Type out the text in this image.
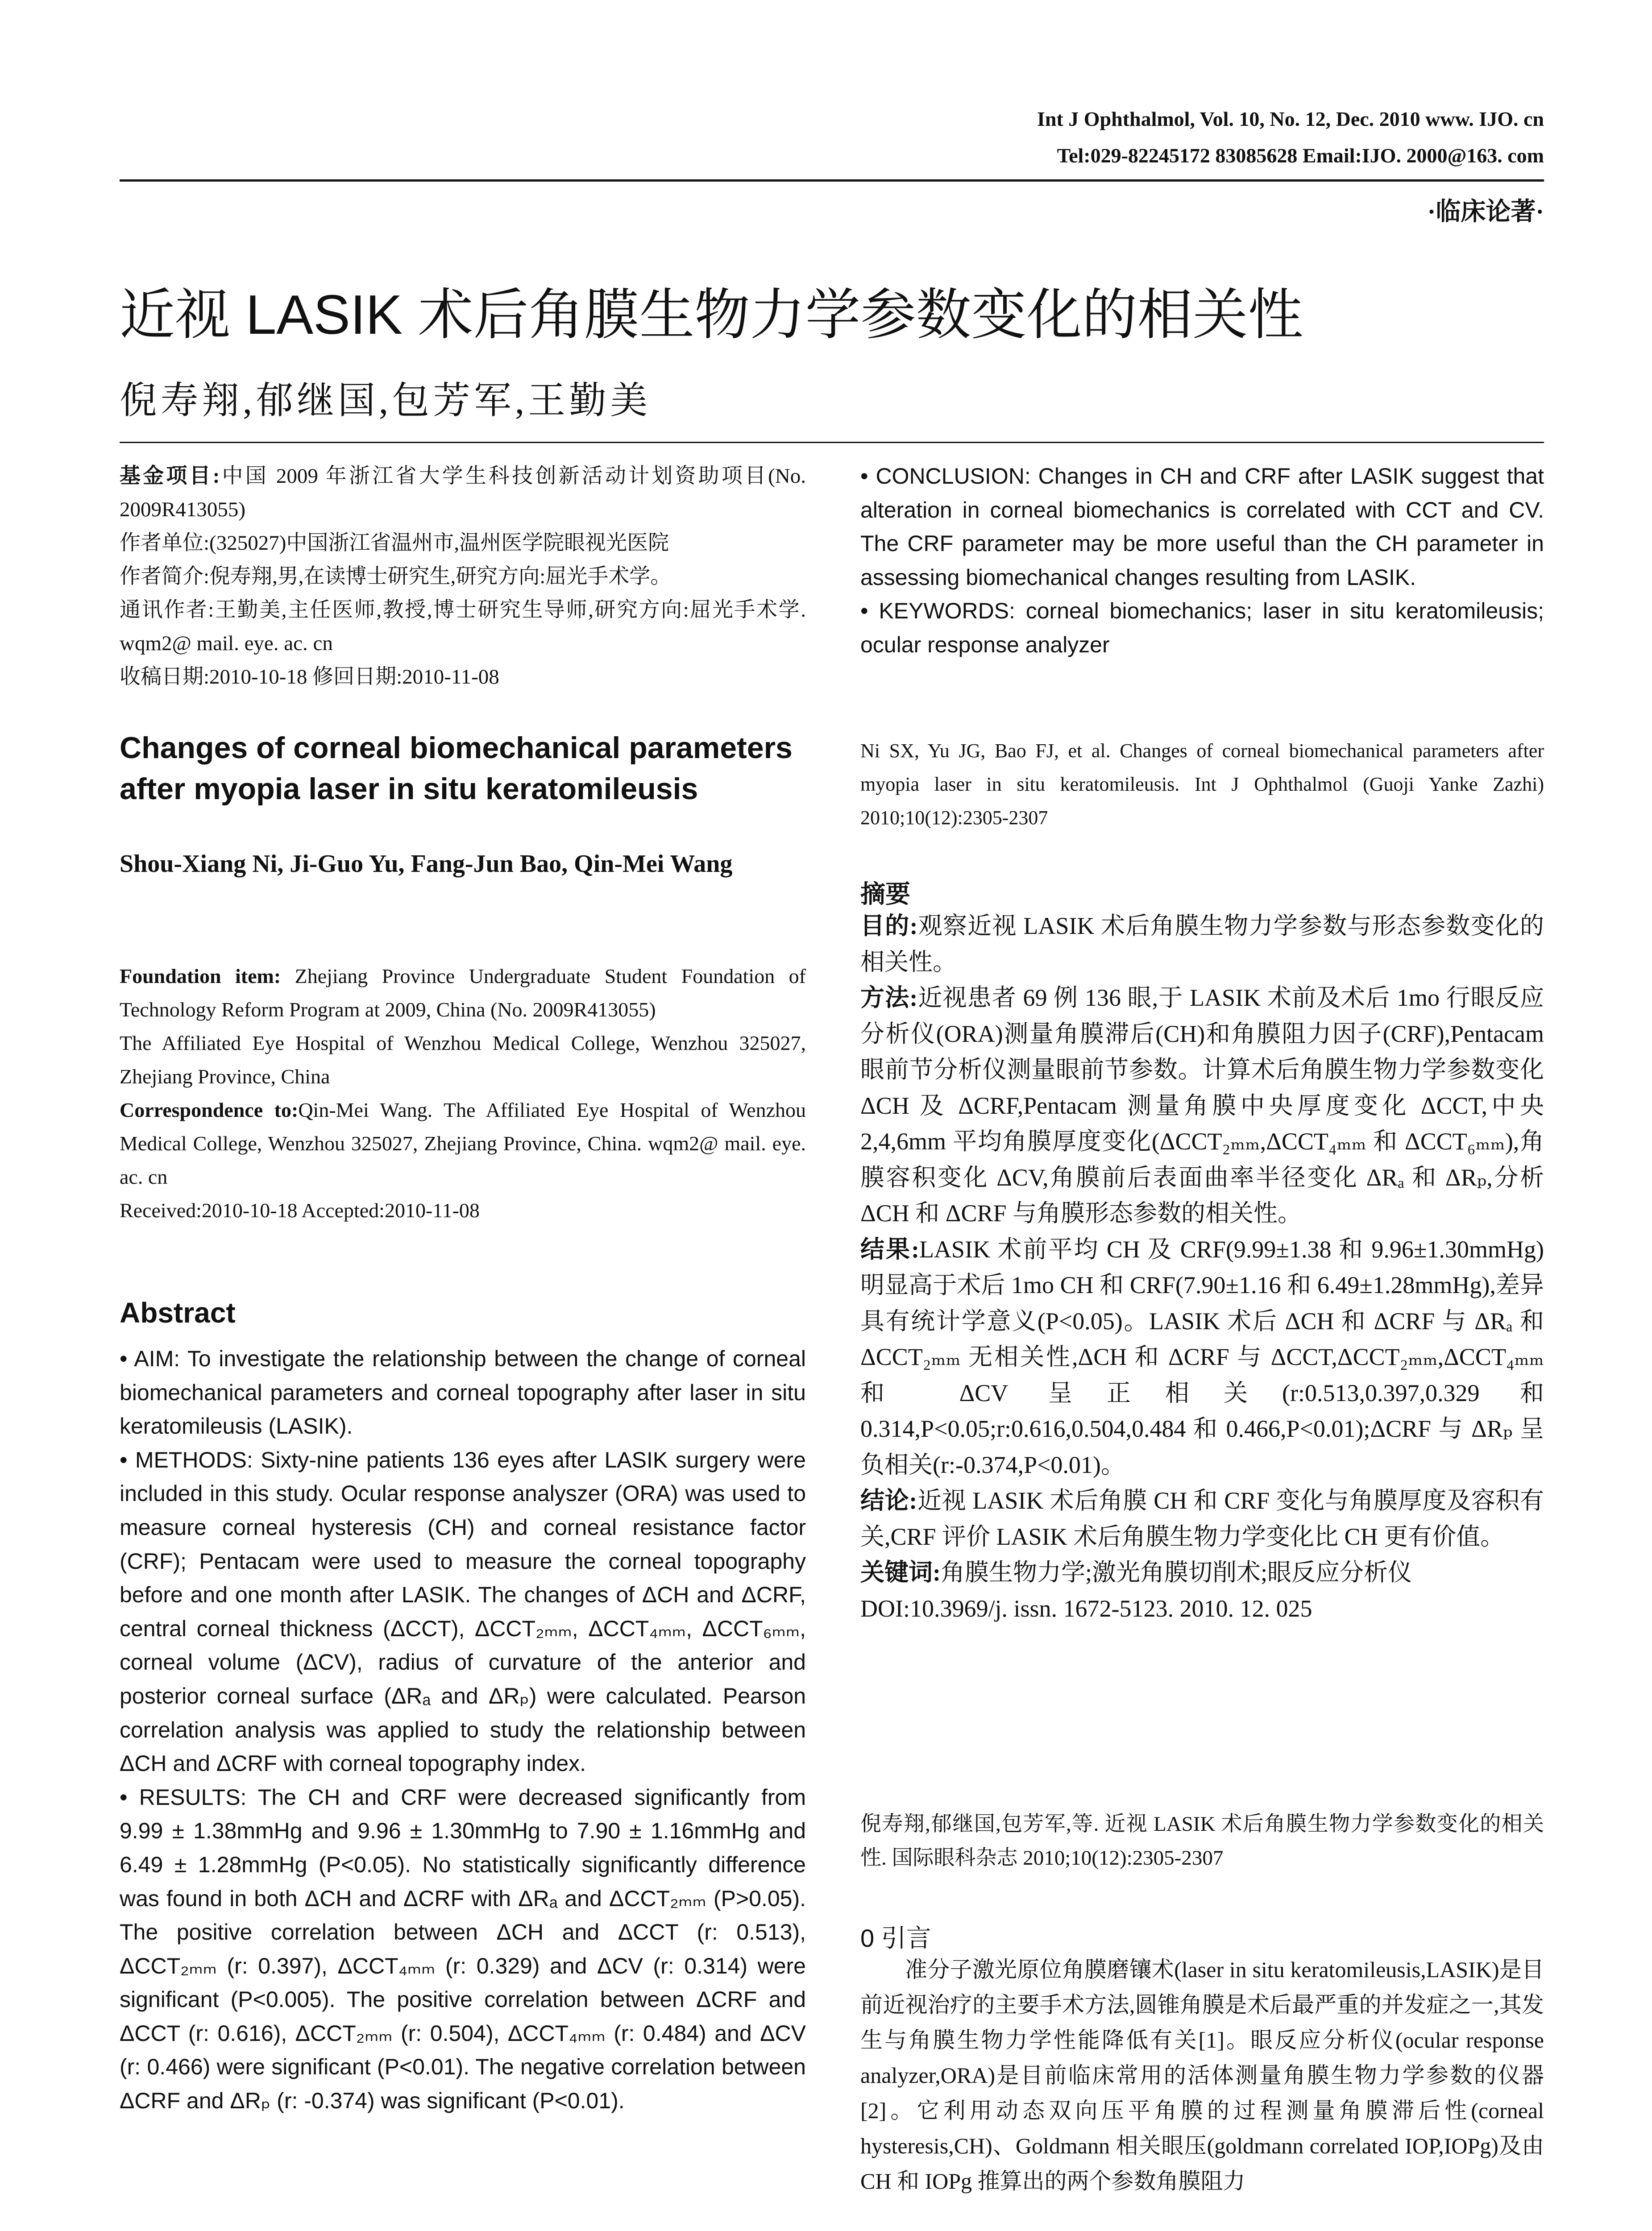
Int J Ophthalmol, Vol. 10, No. 12, Dec. 2010 www. IJO. cn
Tel:029-82245172 83085628 Email:IJO. 2000@163. com
·临床论著·
近视 LASIK 术后角膜生物力学参数变化的相关性
倪寿翔,郁继国,包芳军,王勤美

基金项目:中国 2009 年浙江省大学生科技创新活动计划资助项目(No. 2009R413055)

作者单位:(325027)中国浙江省温州市,温州医学院眼视光医院

作者简介:倪寿翔,男,在读博士研究生,研究方向:屈光手术学。

通讯作者:王勤美,主任医师,教授,博士研究生导师,研究方向:屈光手术学. wqm2@ mail. eye. ac. cn

收稿日期:2010-10-18 修回日期:2010-11-08

Changes of corneal biomechanical parameters after myopia laser in situ keratomileusis
Shou-Xiang Ni, Ji-Guo Yu, Fang-Jun Bao, Qin-Mei Wang

Foundation item: Zhejiang Province Undergraduate Student Foundation of Technology Reform Program at 2009, China (No. 2009R413055)

The Affiliated Eye Hospital of Wenzhou Medical College, Wenzhou 325027, Zhejiang Province, China

Correspondence to:Qin-Mei Wang. The Affiliated Eye Hospital of Wenzhou Medical College, Wenzhou 325027, Zhejiang Province, China. wqm2@ mail. eye. ac. cn

Received:2010-10-18 Accepted:2010-11-08

Abstract

• AIM: To investigate the relationship between the change of corneal biomechanical parameters and corneal topography after laser in situ keratomileusis (LASIK).

• METHODS: Sixty-nine patients 136 eyes after LASIK surgery were included in this study. Ocular response analyszer (ORA) was used to measure corneal hysteresis (CH) and corneal resistance factor (CRF); Pentacam were used to measure the corneal topography before and one month after LASIK. The changes of ΔCH and ΔCRF, central corneal thickness (ΔCCT), ΔCCT₂ₘₘ, ΔCCT₄ₘₘ, ΔCCT₆ₘₘ, corneal volume (ΔCV), radius of curvature of the anterior and posterior corneal surface (ΔRₐ and ΔRₚ) were calculated. Pearson correlation analysis was applied to study the relationship between ΔCH and ΔCRF with corneal topography index.

• RESULTS: The CH and CRF were decreased significantly from 9.99 ± 1.38mmHg and 9.96 ± 1.30mmHg to 7.90 ± 1.16mmHg and 6.49 ± 1.28mmHg (P<0.05). No statistically significantly difference was found in both ΔCH and ΔCRF with ΔRₐ and ΔCCT₂ₘₘ (P>0.05). The positive correlation between ΔCH and ΔCCT (r: 0.513), ΔCCT₂ₘₘ (r: 0.397), ΔCCT₄ₘₘ (r: 0.329) and ΔCV (r: 0.314) were significant (P<0.005). The positive correlation between ΔCRF and ΔCCT (r: 0.616), ΔCCT₂ₘₘ (r: 0.504), ΔCCT₄ₘₘ (r: 0.484) and ΔCV (r: 0.466) were significant (P<0.01). The negative correlation between ΔCRF and ΔRₚ (r: -0.374) was significant (P<0.01).

• CONCLUSION: Changes in CH and CRF after LASIK suggest that alteration in corneal biomechanics is correlated with CCT and CV. The CRF parameter may be more useful than the CH parameter in assessing biomechanical changes resulting from LASIK.

• KEYWORDS: corneal biomechanics; laser in situ keratomileusis; ocular response analyzer

Ni SX, Yu JG, Bao FJ, et al. Changes of corneal biomechanical parameters after myopia laser in situ keratomileusis. Int J Ophthalmol (Guoji Yanke Zazhi) 2010;10(12):2305-2307

摘要

目的:观察近视 LASIK 术后角膜生物力学参数与形态参数变化的相关性。

方法:近视患者 69 例 136 眼,于 LASIK 术前及术后 1mo 行眼反应分析仪(ORA)测量角膜滞后(CH)和角膜阻力因子(CRF),Pentacam 眼前节分析仪测量眼前节参数。计算术后角膜生物力学参数变化 ΔCH 及 ΔCRF,Pentacam 测量角膜中央厚度变化 ΔCCT,中央 2,4,6mm 平均角膜厚度变化(ΔCCT₂ₘₘ,ΔCCT₄ₘₘ 和 ΔCCT₆ₘₘ),角膜容积变化 ΔCV,角膜前后表面曲率半径变化 ΔRₐ 和 ΔRₚ,分析 ΔCH 和 ΔCRF 与角膜形态参数的相关性。

结果:LASIK 术前平均 CH 及 CRF(9.99±1.38 和 9.96±1.30mmHg)明显高于术后 1mo CH 和 CRF(7.90±1.16 和 6.49±1.28mmHg),差异具有统计学意义(P<0.05)。LASIK 术后 ΔCH 和 ΔCRF 与 ΔRₐ 和 ΔCCT₂ₘₘ 无相关性,ΔCH 和 ΔCRF 与 ΔCCT,ΔCCT₂ₘₘ,ΔCCT₄ₘₘ 和 ΔCV 呈正相关(r:0.513,0.397,0.329 和 0.314,P<0.05;r:0.616,0.504,0.484 和 0.466,P<0.01);ΔCRF 与 ΔRₚ 呈负相关(r:-0.374,P<0.01)。

结论:近视 LASIK 术后角膜 CH 和 CRF 变化与角膜厚度及容积有关,CRF 评价 LASIK 术后角膜生物力学变化比 CH 更有价值。

关键词:角膜生物力学;激光角膜切削术;眼反应分析仪

DOI:10.3969/j. issn. 1672-5123. 2010. 12. 025

倪寿翔,郁继国,包芳军,等. 近视 LASIK 术后角膜生物力学参数变化的相关性. 国际眼科杂志 2010;10(12):2305-2307

0 引言

准分子激光原位角膜磨镶术(laser in situ keratomileusis,LASIK)是目前近视治疗的主要手术方法,圆锥角膜是术后最严重的并发症之一,其发生与角膜生物力学性能降低有关[1]。眼反应分析仪(ocular response analyzer,ORA)是目前临床常用的活体测量角膜生物力学参数的仪器[2]。它利用动态双向压平角膜的过程测量角膜滞后性(corneal hysteresis,CH)、Goldmann 相关眼压(goldmann correlated IOP,IOPg)及由 CH 和 IOPg 推算出的两个参数角膜阻力
